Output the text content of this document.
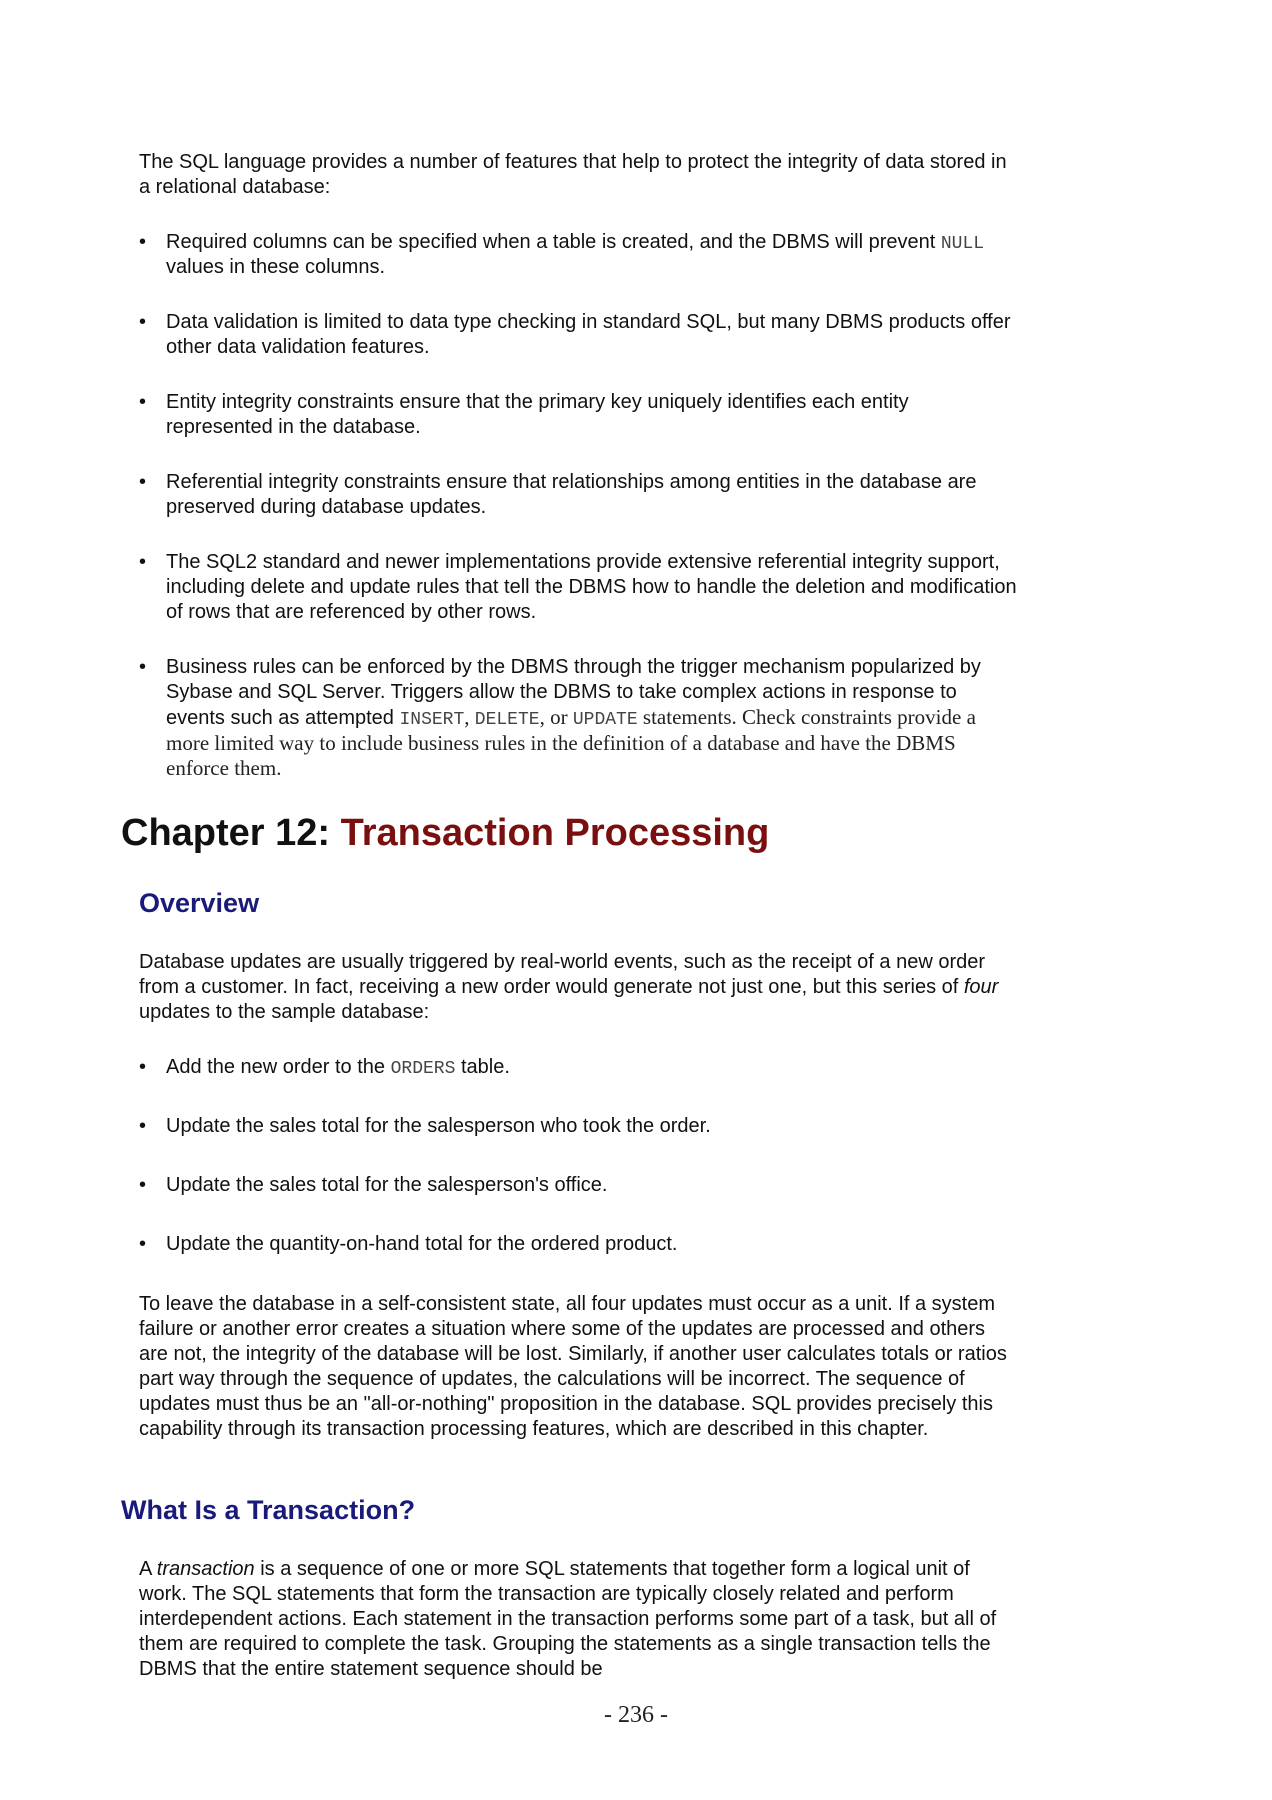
The SQL language provides a number of features that help to protect the integrity of data stored in a relational database:

• Required columns can be specified when a table is created, and the DBMS will prevent NULL values in these columns.
• Data validation is limited to data type checking in standard SQL, but many DBMS products offer other data validation features.
• Entity integrity constraints ensure that the primary key uniquely identifies each entity represented in the database.
• Referential integrity constraints ensure that relationships among entities in the database are preserved during database updates.
• The SQL2 standard and newer implementations provide extensive referential integrity support, including delete and update rules that tell the DBMS how to handle the deletion and modification of rows that are referenced by other rows.
• Business rules can be enforced by the DBMS through the trigger mechanism popularized by Sybase and SQL Server. Triggers allow the DBMS to take complex actions in response to events such as attempted INSERT, DELETE, or UPDATE statements. Check constraints provide a more limited way to include business rules in the definition of a database and have the DBMS enforce them.
Chapter 12: Transaction Processing
Overview

Database updates are usually triggered by real-world events, such as the receipt of a new order from a customer. In fact, receiving a new order would generate not just one, but this series of four updates to the sample database:

• Add the new order to the ORDERS table.
• Update the sales total for the salesperson who took the order.
• Update the sales total for the salesperson's office.
• Update the quantity-on-hand total for the ordered product.

To leave the database in a self-consistent state, all four updates must occur as a unit. If a system failure or another error creates a situation where some of the updates are processed and others are not, the integrity of the database will be lost. Similarly, if another user calculates totals or ratios part way through the sequence of updates, the calculations will be incorrect. The sequence of updates must thus be an "all-or-nothing" proposition in the database. SQL provides precisely this capability through its transaction processing features, which are described in this chapter.

What Is a Transaction?

A transaction is a sequence of one or more SQL statements that together form a logical unit of work. The SQL statements that form the transaction are typically closely related and perform interdependent actions. Each statement in the transaction performs some part of a task, but all of them are required to complete the task. Grouping the statements as a single transaction tells the DBMS that the entire statement sequence should be

- 236 -
